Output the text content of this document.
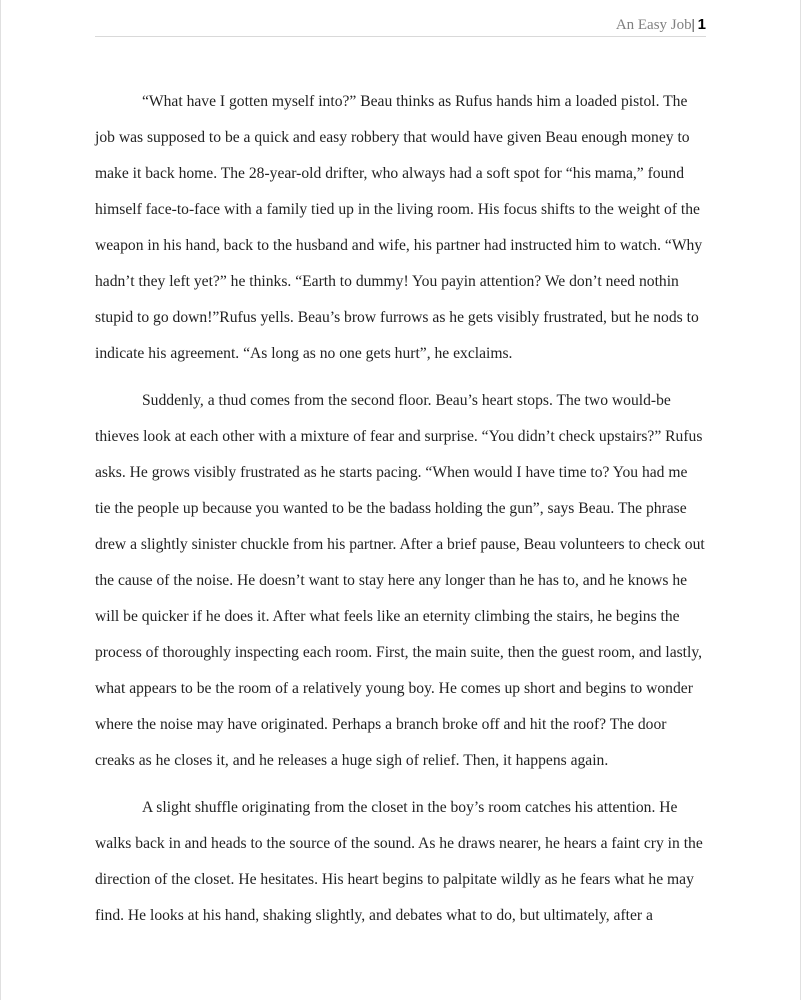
An Easy Job| 1

“What have I gotten myself into?” Beau thinks as Rufus hands him a loaded pistol. The job was supposed to be a quick and easy robbery that would have given Beau enough money to make it back home. The 28-year-old drifter, who always had a soft spot for “his mama,” found himself face-to-face with a family tied up in the living room. His focus shifts to the weight of the weapon in his hand, back to the husband and wife, his partner had instructed him to watch. “Why hadn’t they left yet?” he thinks. “Earth to dummy! You payin attention? We don’t need nothin stupid to go down!”Rufus yells. Beau’s brow furrows as he gets visibly frustrated, but he nods to indicate his agreement. “As long as no one gets hurt”, he exclaims.

Suddenly, a thud comes from the second floor. Beau’s heart stops. The two would-be thieves look at each other with a mixture of fear and surprise. “You didn’t check upstairs?” Rufus asks. He grows visibly frustrated as he starts pacing. “When would I have time to? You had me tie the people up because you wanted to be the badass holding the gun”, says Beau. The phrase drew a slightly sinister chuckle from his partner. After a brief pause, Beau volunteers to check out the cause of the noise. He doesn’t want to stay here any longer than he has to, and he knows he will be quicker if he does it. After what feels like an eternity climbing the stairs, he begins the process of thoroughly inspecting each room. First, the main suite, then the guest room, and lastly, what appears to be the room of a relatively young boy. He comes up short and begins to wonder where the noise may have originated. Perhaps a branch broke off and hit the roof? The door creaks as he closes it, and he releases a huge sigh of relief. Then, it happens again.

A slight shuffle originating from the closet in the boy’s room catches his attention. He walks back in and heads to the source of the sound. As he draws nearer, he hears a faint cry in the direction of the closet. He hesitates. His heart begins to palpitate wildly as he fears what he may find. He looks at his hand, shaking slightly, and debates what to do, but ultimately, after a
